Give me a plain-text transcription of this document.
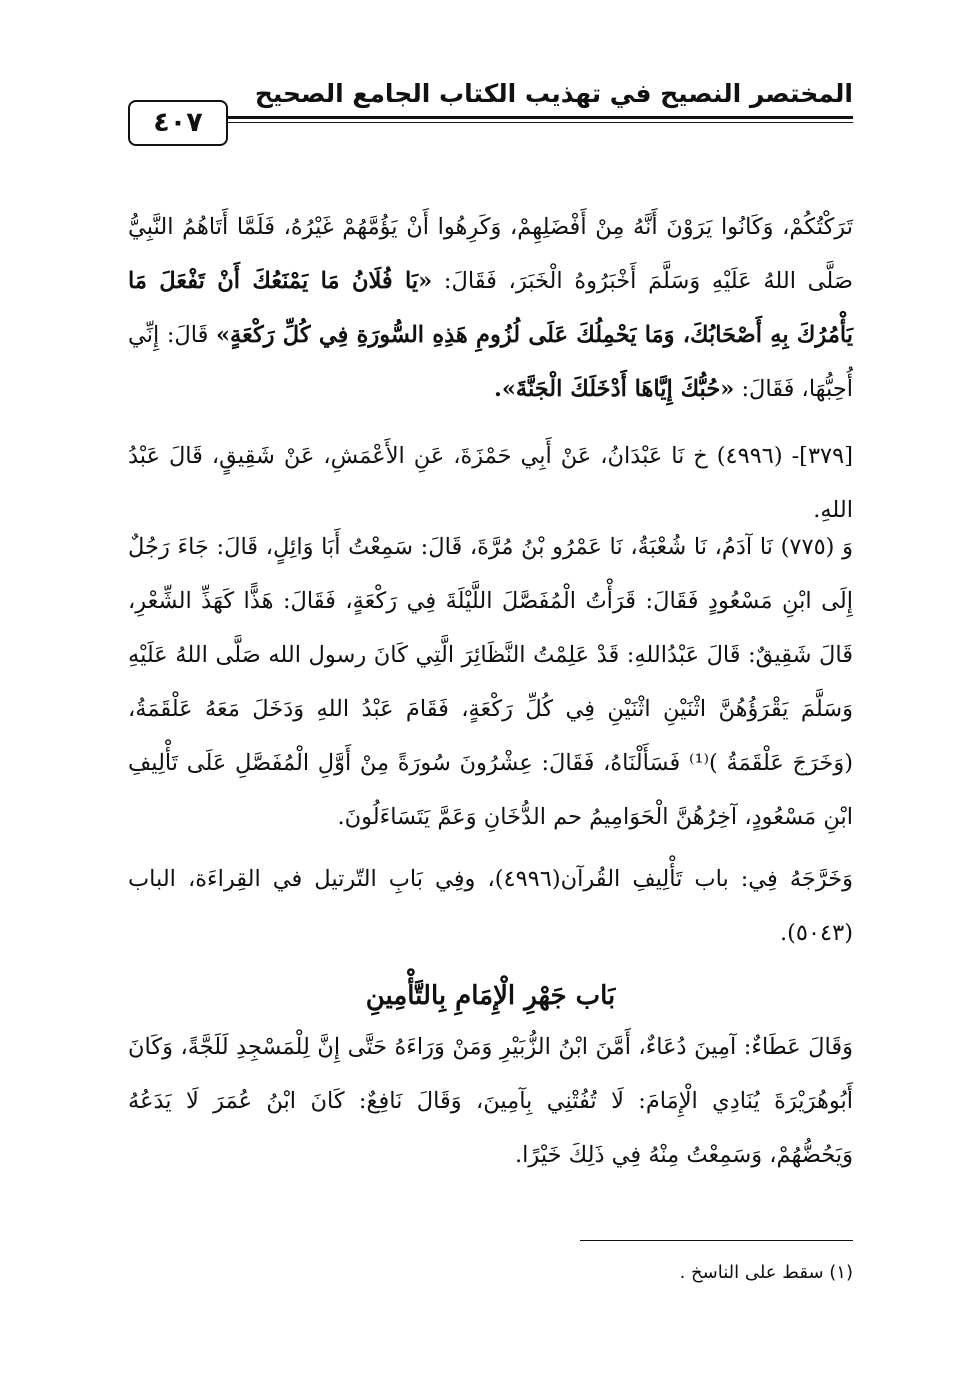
المختصر النصيح في تهذيب الكتاب الجامع الصحيح
٤٠٧
تَرَكْتُكُمْ، وَكَانُوا يَرَوْنَ أَنَّهُ مِنْ أَفْضَلِهِمْ، وَكَرِهُوا أَنْ يَؤُمَّهُمْ غَيْرُهُ، فَلَمَّا أَتَاهُمُ النَّبِيُّ صَلَّى اللهُ عَلَيْهِ وَسَلَّمَ أَخْبَرُوهُ الْخَبَرَ، فَقَالَ: «يَا فُلَانُ مَا يَمْنَعُكَ أَنْ تَفْعَلَ مَا يَأْمُرُكَ بِهِ أَصْحَابُكَ، وَمَا يَحْمِلُكَ عَلَى لُزُومِ هَذِهِ السُّورَةِ فِي كُلِّ رَكْعَةٍ» قَالَ: إِنِّي أُحِبُّهَا، فَقَالَ: «حُبُّكَ إِيَّاهَا أَدْخَلَكَ الْجَنَّةَ».
[٣٧٩]- (٤٩٩٦) خ نَا عَبْدَانُ، عَنْ أَبِي حَمْزَةَ، عَنِ الأَعْمَشِ، عَنْ شَقِيقٍ، قَالَ عَبْدُ اللهِ.
وَ (٧٧٥) نَا آدَمُ، نَا شُعْبَةُ، نَا عَمْرُو بْنُ مُرَّةَ، قَالَ: سَمِعْتُ أَبَا وَائِلٍ، قَالَ: جَاءَ رَجُلٌ إِلَى ابْنِ مَسْعُودٍ فَقَالَ: قَرَأْتُ الْمُفَصَّلَ اللَّيْلَةَ فِي رَكْعَةٍ، فَقَالَ: هَذًّا كَهَذِّ الشِّعْرِ، قَالَ شَقِيقٌ: قَالَ عَبْدُاللهِ: قَدْ عَلِمْتُ النَّظَائِرَ الَّتِي كَانَ رسول الله صَلَّى اللهُ عَلَيْهِ وَسَلَّمَ يَقْرَؤُهُنَّ اثْنَيْنِ اثْنَيْنِ فِي كُلِّ رَكْعَةٍ، فَقَامَ عَبْدُ اللهِ وَدَخَلَ مَعَهُ عَلْقَمَةُ، (وَخَرَجَ عَلْقَمَةُ )⁽¹⁾ فَسَأَلْنَاهُ، فَقَالَ: عِشْرُونَ سُورَةً مِنْ أَوَّلِ الْمُفَصَّلِ عَلَى تَأْلِيفِ ابْنِ مَسْعُودٍ، آخِرُهُنَّ الْحَوَامِيمُ حم الدُّخَانِ وَعَمَّ يَتَسَاءَلُونَ.
وَخَرَّجَهُ فِي: باب تَأْلِيفِ القُرآن(٤٩٩٦)، وفِي بَابِ التّرتيل في القِراءَة، الباب (٥٠٤٣).
بَاب جَهْرِ الْإِمَامِ بِالتَّأْمِينِ
وَقَالَ عَطَاءٌ: آمِينَ دُعَاءٌ، أَمَّنَ ابْنُ الزُّبَيْرِ وَمَنْ وَرَاءَهُ حَتَّى إِنَّ لِلْمَسْجِدِ لَلَجَّةً، وَكَانَ أَبُوهُرَيْرَةَ يُنَادِي الْإِمَامَ: لَا تُفُتْنِي بِآمِينَ، وَقَالَ نَافِعٌ: كَانَ ابْنُ عُمَرَ لَا يَدَعُهُ وَيَحُضُّهُمْ، وَسَمِعْتُ مِنْهُ فِي ذَلِكَ خَيْرًا.
(١) سقط على الناسخ .
